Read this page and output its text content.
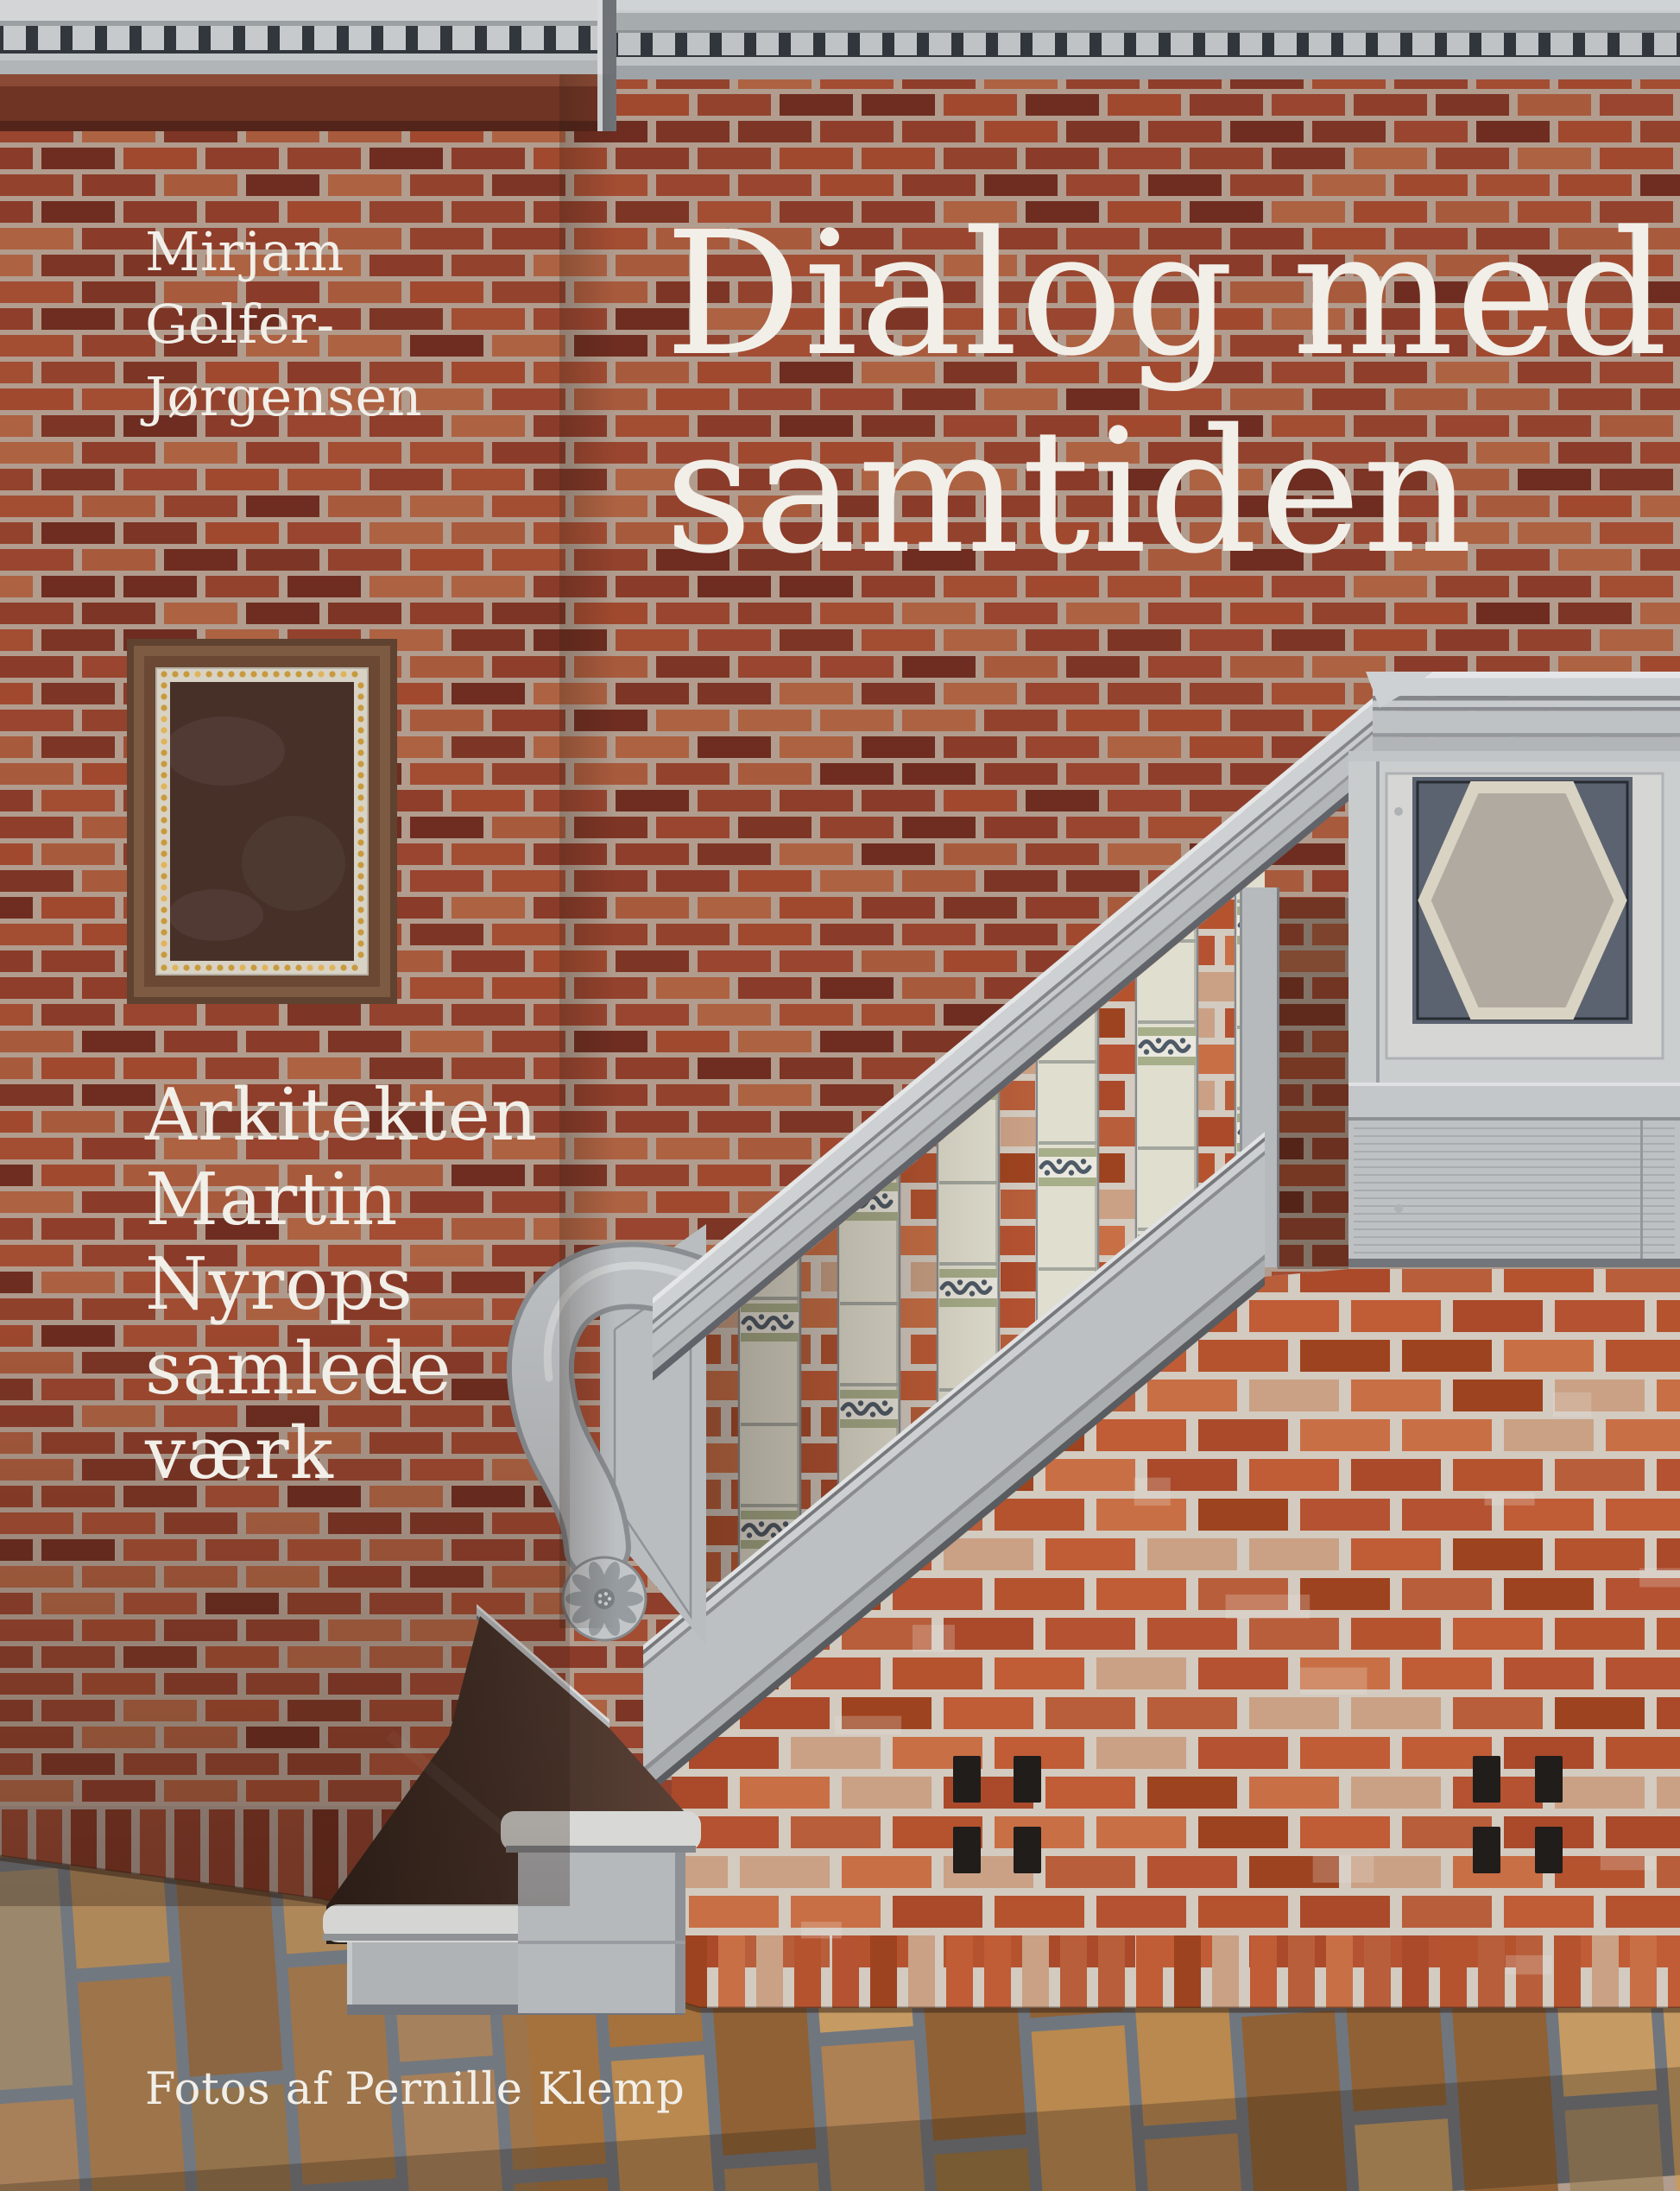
Mirjam
Gelfer-
Jørgensen
Dialog med
samtiden
Arkitekten
Martin
Nyrops
samlede
værk
Fotos af Pernille Klemp
